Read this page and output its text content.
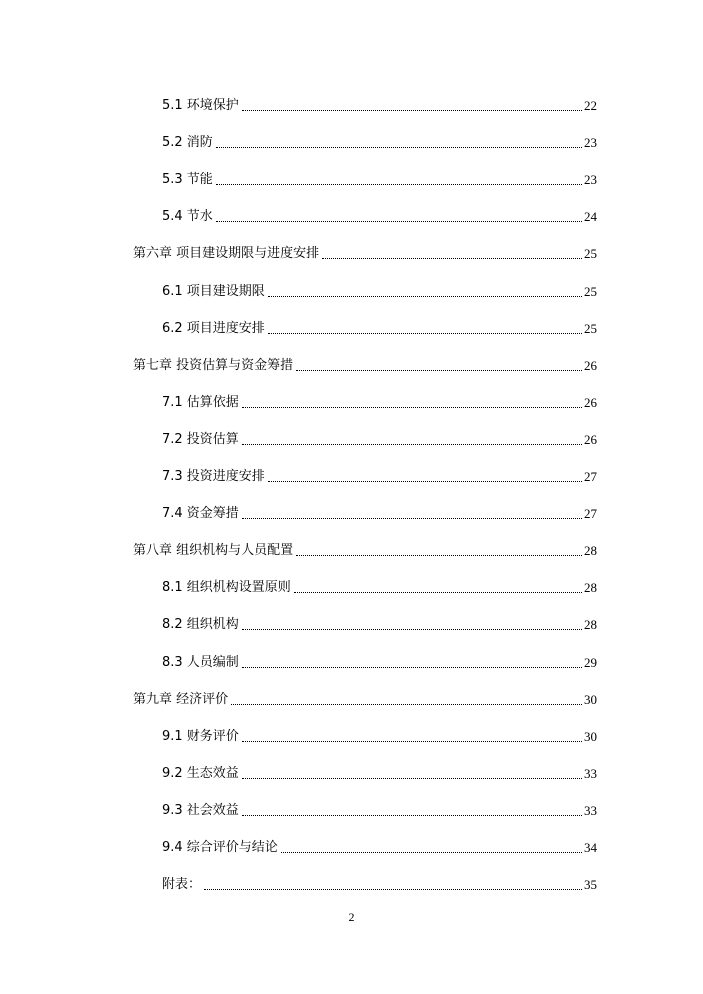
5.1 环境保护	22
5.2 消防	23
5.3 节能	23
5.4 节水	24
第六章 项目建设期限与进度安排	25
6.1 项目建设期限	25
6.2 项目进度安排	25
第七章 投资估算与资金筹措	26
7.1 估算依据	26
7.2 投资估算	26
7.3 投资进度安排	27
7.4 资金筹措	27
第八章 组织机构与人员配置	28
8.1 组织机构设置原则	28
8.2 组织机构	28
8.3 人员编制	29
第九章 经济评价	30
9.1 财务评价	30
9.2 生态效益	33
9.3 社会效益	33
9.4 综合评价与结论	34
附表：	35
2
